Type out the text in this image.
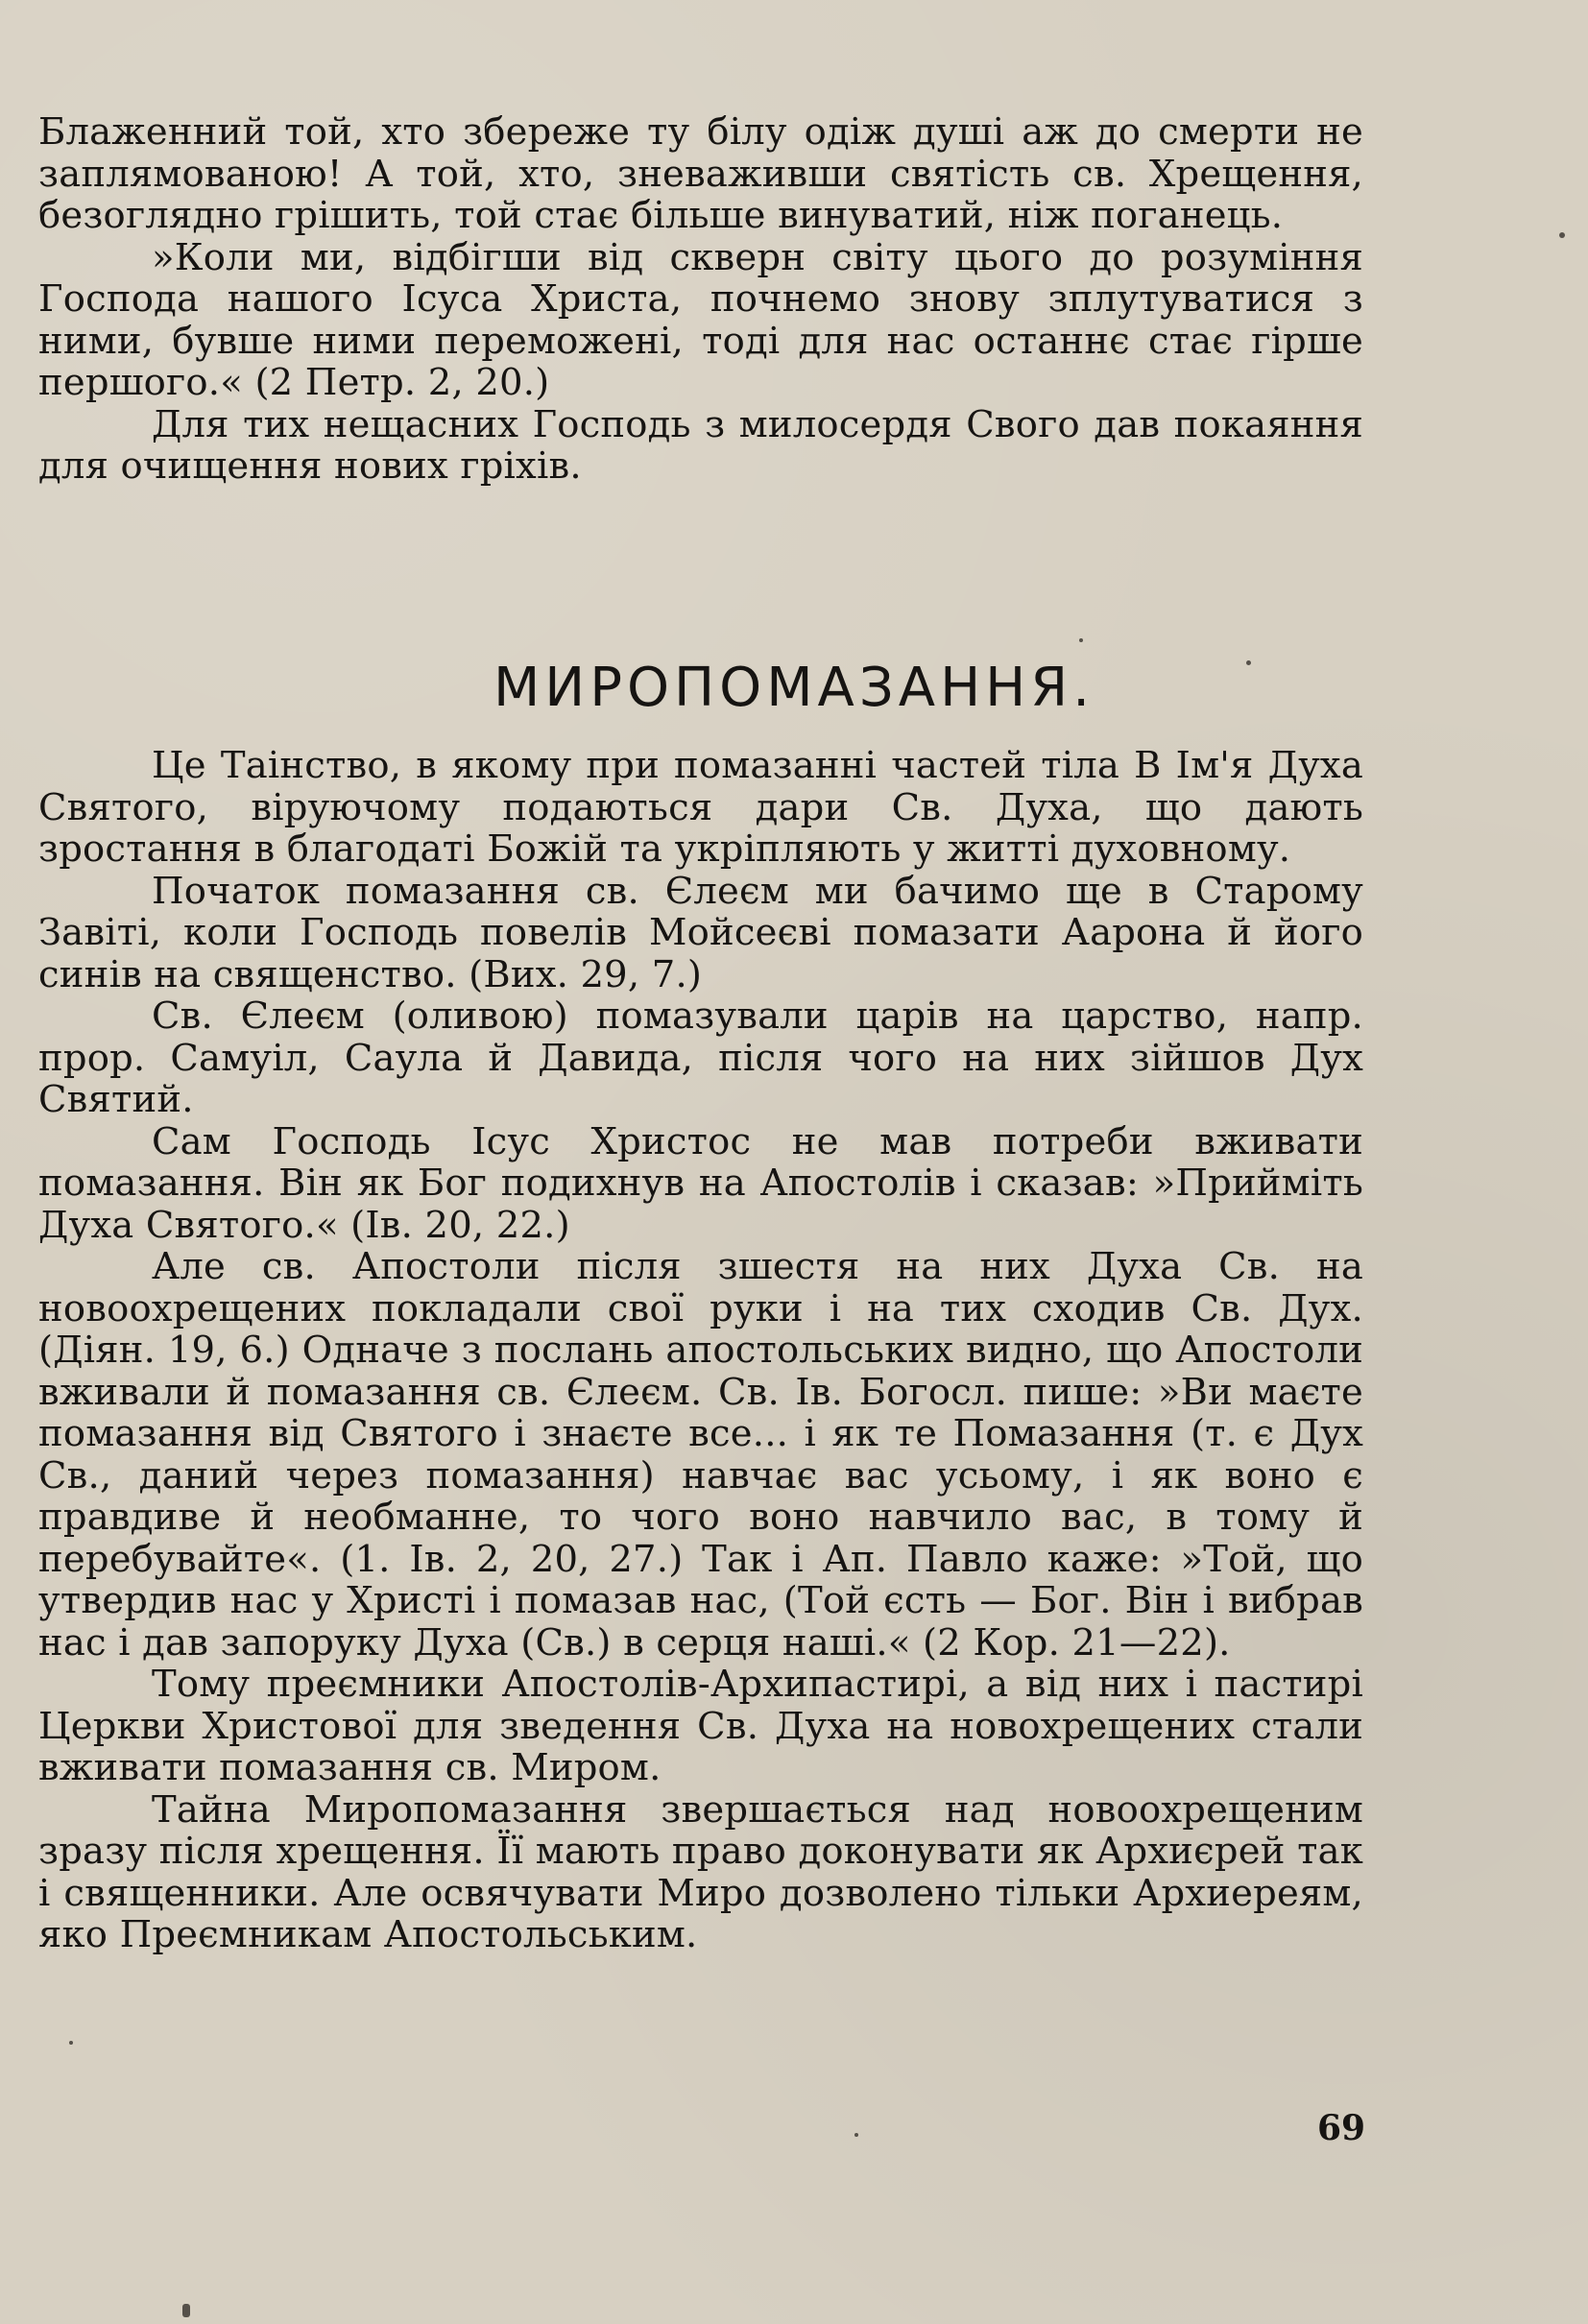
Блаженний той, хто збереже ту білу одіж душі аж до смерти не заплямованою! А той, хто, зневаживши святість св. Хрещення, безоглядно грішить, той стає більше винуватий, ніж поганець.

»Коли ми, відбігши від скверн світу цього до розуміння Господа нашого Ісуса Христа, почнемо знову зплутуватися з ними, бувше ними переможені, тоді для нас останнє стає гірше першого.« (2 Петр. 2, 20.)

Для тих нещасних Господь з милосердя Свого дав покаяння для очищення нових гріхів.

МИРОПОМАЗАННЯ.

Це Таінство, в якому при помазанні частей тіла В Ім'я Духа Святого, віруючому подаються дари Св. Духа, що дають зростання в благодаті Божій та укріпляють у житті духовному.

Початок помазання св. Єлеєм ми бачимо ще в Старому Завіті, коли Господь повелів Мойсеєві помазати Аарона й його синів на священство. (Вих. 29, 7.)

Св. Єлеєм (оливою) помазували царів на царство, напр. прор. Самуіл, Саула й Давида, після чого на них зійшов Дух Святий.

Сам Господь Ісус Христос не мав потреби вживати помазання. Він як Бог подихнув на Апостолів і сказав: »Прийміть Духа Святого.« (Ів. 20, 22.)

Але св. Апостоли після зшестя на них Духа Св. на новоохрещених покладали свої руки і на тих сходив Св. Дух. (Діян. 19, 6.) Одначе з послань апостольських видно, що Апостоли вживали й помазання св. Єлеєм. Св. Ів. Богосл. пише: »Ви маєте помазання від Святого і знаєте все... і як те Помазання (т. є Дух Св., даний через помазання) навчає вас усьому, і як воно є правдиве й необманне, то чого воно навчило вас, в тому й перебувайте«. (1. Ів. 2, 20, 27.) Так і Ап. Павло каже: »Той, що утвердив нас у Христі і помазав нас, (Той єсть — Бог. Він і вибрав нас і дав запоруку Духа (Св.) в серця наші.« (2 Кор. 21—22).

Тому преємники Апостолів-Архипастирі, а від них і пастирі Церкви Христової для зведення Св. Духа на новохрещених стали вживати помазання св. Миром.

Тайна Миропомазання звершається над новоохрещеним зразу після хрещення. Її мають право доконувати як Архиєрей так і священники. Але освячувати Миро дозволено тільки Архиереям, яко Преємникам Апостольським.

69
